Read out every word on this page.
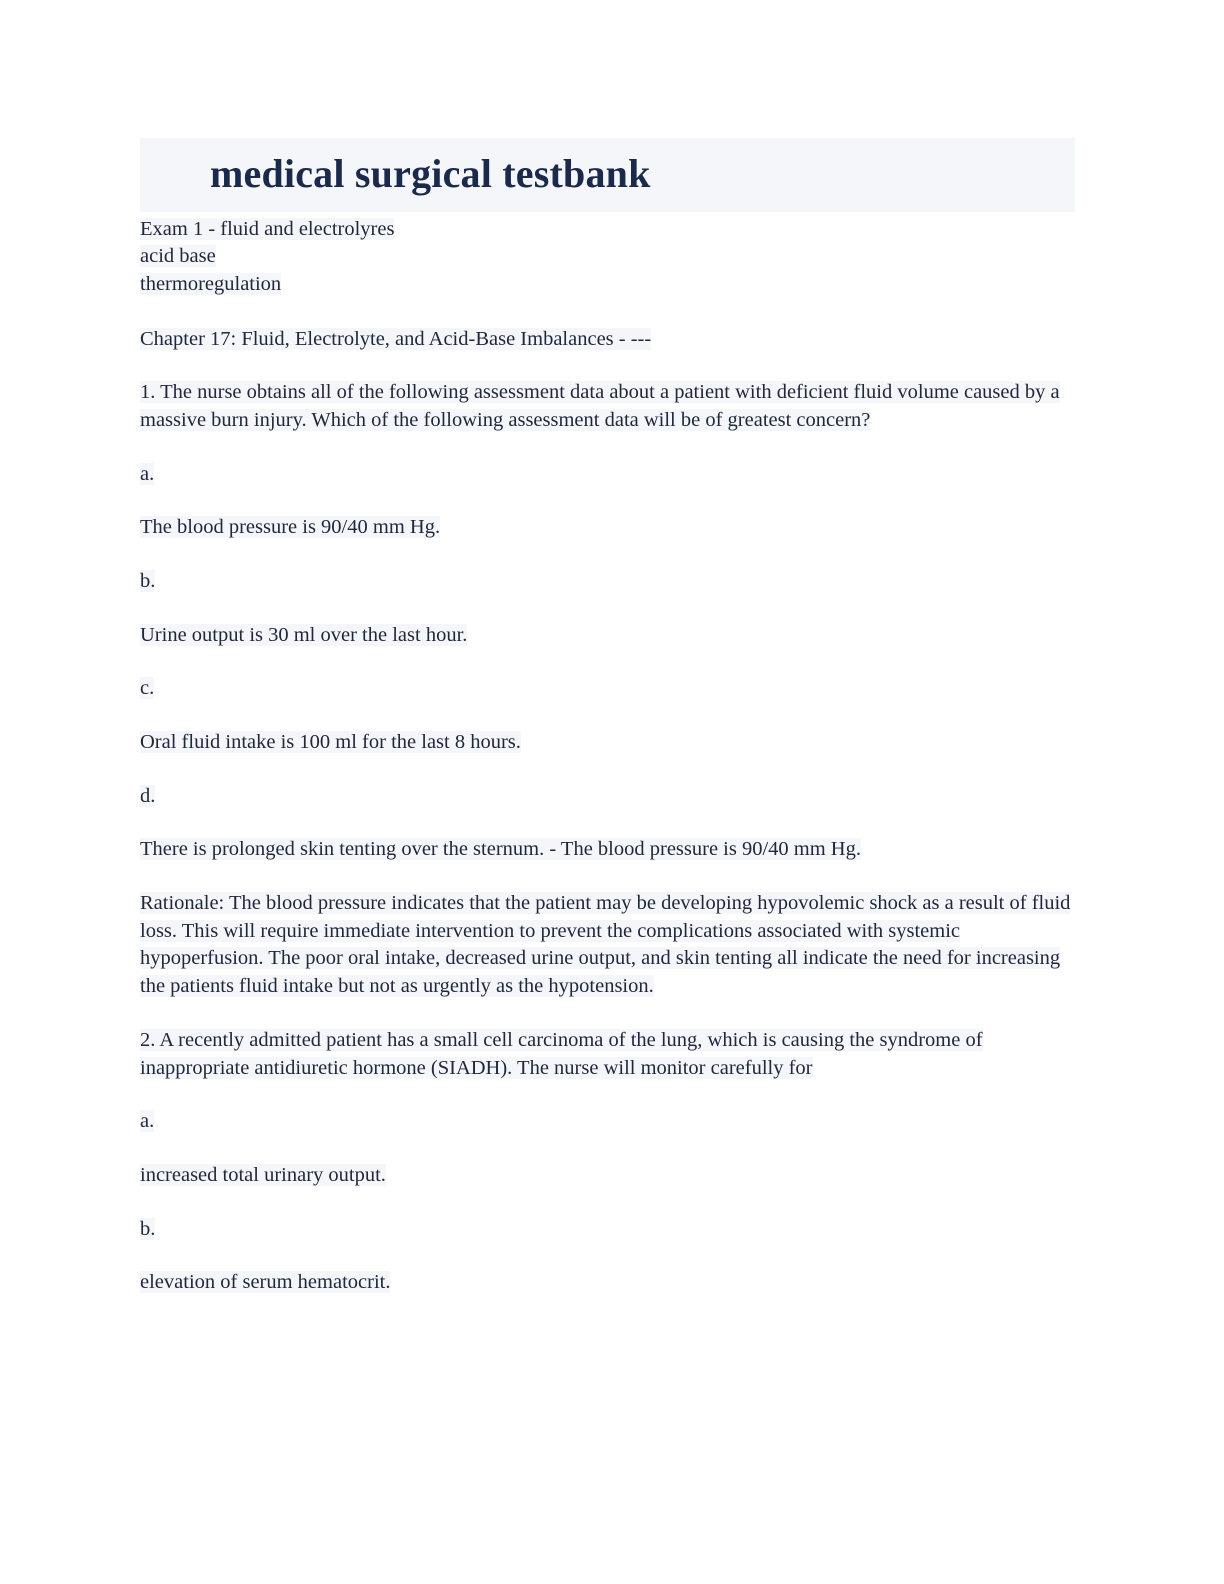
medical surgical testbank

Exam 1 - fluid and electrolyres

acid base

thermoregulation

Chapter 17: Fluid, Electrolyte, and Acid-Base Imbalances - ---

1. The nurse obtains all of the following assessment data about a patient with deficient fluid volume caused by a massive burn injury. Which of the following assessment data will be of greatest concern?

a.

The blood pressure is 90/40 mm Hg.

b.

Urine output is 30 ml over the last hour.

c.

Oral fluid intake is 100 ml for the last 8 hours.

d.

There is prolonged skin tenting over the sternum. - The blood pressure is 90/40 mm Hg.

Rationale: The blood pressure indicates that the patient may be developing hypovolemic shock as a result of fluid loss. This will require immediate intervention to prevent the complications associated with systemic hypoperfusion. The poor oral intake, decreased urine output, and skin tenting all indicate the need for increasing the patients fluid intake but not as urgently as the hypotension.

2. A recently admitted patient has a small cell carcinoma of the lung, which is causing the syndrome of inappropriate antidiuretic hormone (SIADH). The nurse will monitor carefully for

a.

increased total urinary output.

b.

elevation of serum hematocrit.
